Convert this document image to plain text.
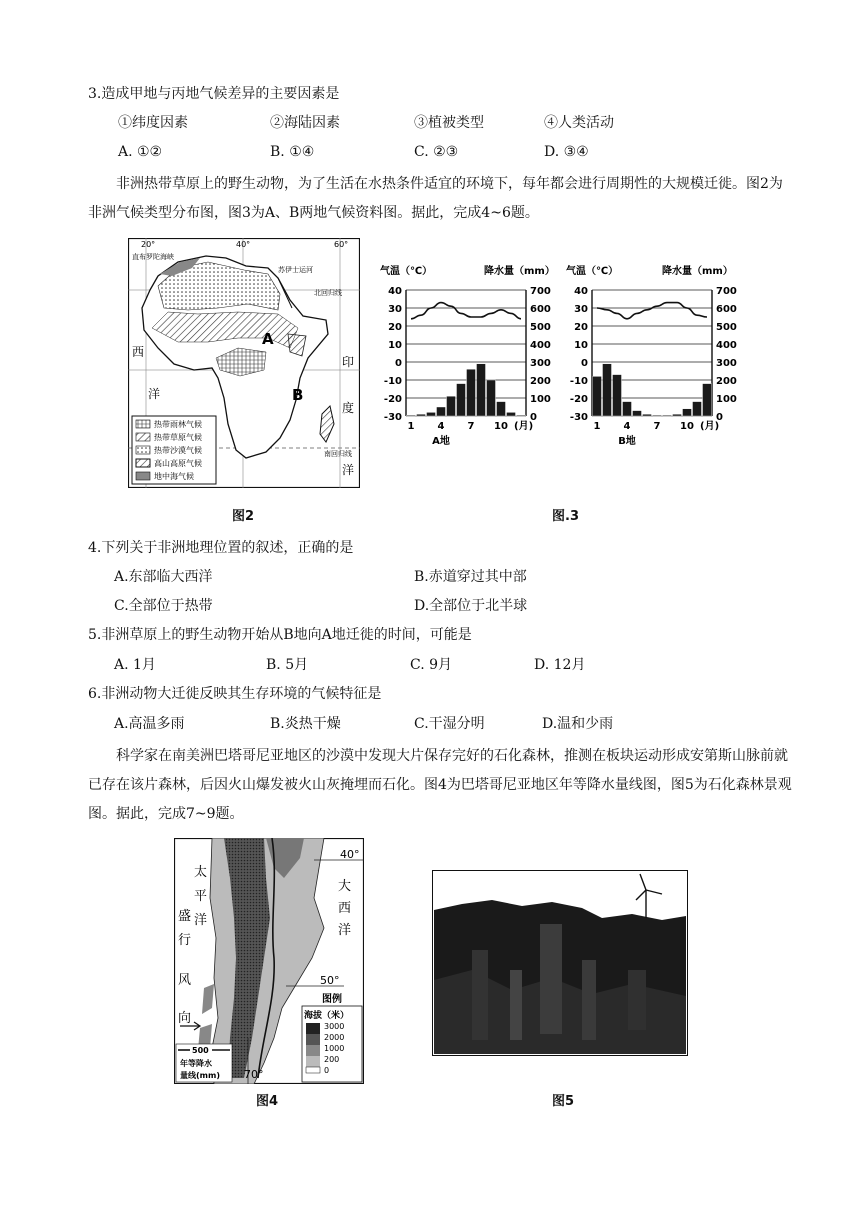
3.造成甲地与丙地气候差异的主要因素是
①纬度因素	②海陆因素	③植被类型	④人类活动
A. ①②	B. ①④	C. ②③	D. ③④
非洲热带草原上的野生动物，为了生活在水热条件适宜的环境下，每年都会进行周期性的大规模迁徙。图2为非洲气候类型分布图，图3为A、B两地气候资料图。据此，完成4~6题。
20°	40°	60°
直布罗陀海峡
苏伊士运河
北回归线
南回归线
A
B
西
洋
印
度
洋
热带雨林气候
热带草原气候
热带沙漠气候
高山高原气候
地中海气候
图2
气温（℃）	降水量（mm）
40	700
30	600
20	500
10	400
0	300
-10	200
-20	100
-30	0
1 4 7 10 (月)
A地
气温（℃）	降水量（mm）
40	700
30	600
20	500
10	400
0	300
-10	200
-20	100
-30	0
1 4 7 10 (月)
B地
图.3
4.下列关于非洲地理位置的叙述，正确的是
A.东部临大西洋	B.赤道穿过其中部
C.全部位于热带	D.全部位于北半球
5.非洲草原上的野生动物开始从B地向A地迁徙的时间，可能是
A. 1月	B. 5月	C. 9月	D. 12月
6.非洲动物大迁徙反映其生存环境的气候特征是
A.高温多雨	B.炎热干燥	C.干湿分明	D.温和少雨
科学家在南美洲巴塔哥尼亚地区的沙漠中发现大片保存完好的石化森林，推测在板块运动形成安第斯山脉前就已存在该片森林，后因火山爆发被火山灰掩埋而石化。图4为巴塔哥尼亚地区年等降水量线图，图5为石化森林景观图。据此，完成7~9题。
40°
50°
70°
盛
行
风
向
太
平
洋
大
西
洋
图例
海拔（米）
3000
2000
1000
200
0
500
年等降水
量线(mm)
图4	图5
